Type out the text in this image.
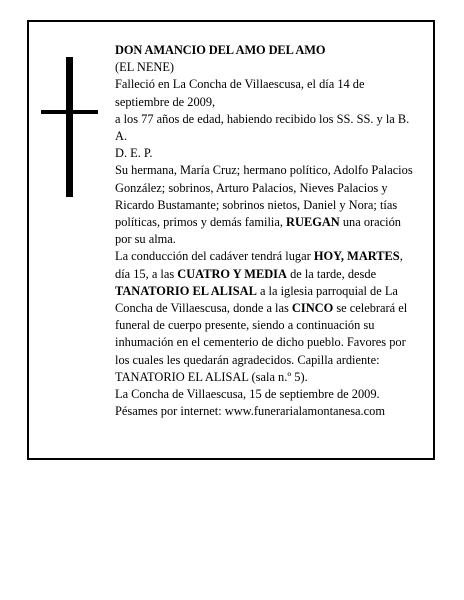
DON AMANCIO DEL AMO DEL AMO

(EL NENE)

Falleció en La Concha de Villaescusa, el día 14 de septiembre de 2009,

a los 77 años de edad, habiendo recibido los SS. SS. y la B. A.

D. E. P.

Su hermana, María Cruz; hermano político, Adolfo Palacios González; sobrinos, Arturo Palacios, Nieves Palacios y Ricardo Bustamante; sobrinos nietos, Daniel y Nora; tías políticas, primos y demás familia, RUEGAN una oración por su alma.

La conducción del cadáver tendrá lugar HOY, MARTES, día 15, a las CUATRO Y MEDIA de la tarde, desde TANATORIO EL ALISAL a la iglesia parroquial de La Concha de Villaescusa, donde a las CINCO se celebrará el funeral de cuerpo presente, siendo a continuación su inhumación en el cementerio de dicho pueblo. Favores por los cuales les quedarán agradecidos. Capilla ardiente: TANATORIO EL ALISAL (sala n.º 5).

La Concha de Villaescusa, 15 de septiembre de 2009.

Pésames por internet: www.funerarialamontanesa.com
